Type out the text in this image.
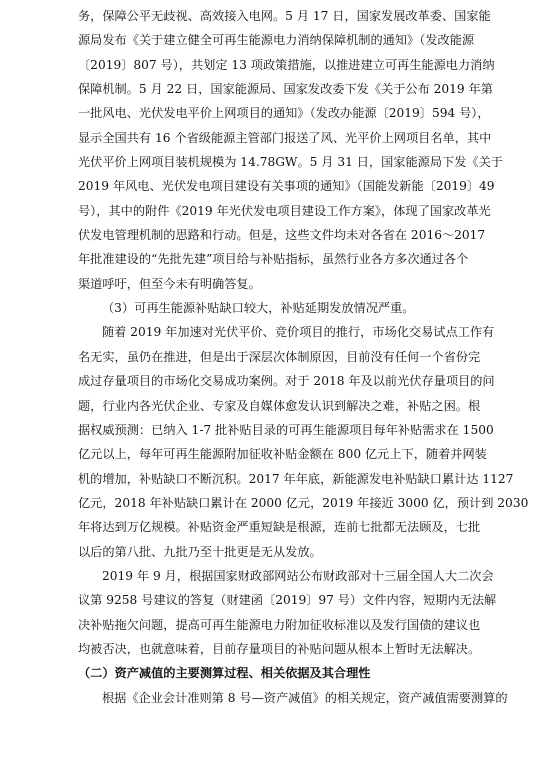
务，保障公平无歧视、高效接入电网。5 月 17 日，国家发展改革委、国家能
源局发布《关于建立健全可再生能源电力消纳保障机制的通知》（发改能源
〔2019〕807 号），共划定 13 项政策措施，以推进建立可再生能源电力消纳
保障机制。5 月 22 日，国家能源局、国家发改委下发《关于公布 2019 年第
一批风电、光伏发电平价上网项目的通知》（发改办能源〔2019〕594 号），
显示全国共有 16 个省级能源主管部门报送了风、光平价上网项目名单，其中
光伏平价上网项目装机规模为 14.78GW。5 月 31 日，国家能源局下发《关于
2019 年风电、光伏发电项目建设有关事项的通知》（国能发新能〔2019〕49
号），其中的附件《2019 年光伏发电项目建设工作方案》，体现了国家改革光
伏发电管理机制的思路和行动。但是，这些文件均未对各省在 2016～2017
年批准建设的“先批先建”项目给与补贴指标，虽然行业各方多次通过各个
渠道呼吁，但至今未有明确答复。
（3）可再生能源补贴缺口较大，补贴延期发放情况严重。
随着 2019 年加速对光伏平价、竞价项目的推行，市场化交易试点工作有
名无实，虽仍在推进，但是出于深层次体制原因，目前没有任何一个省份完
成过存量项目的市场化交易成功案例。对于 2018 年及以前光伏存量项目的问
题，行业内各光伏企业、专家及自媒体愈发认识到解决之难，补贴之困。根
据权威预测：已纳入 1-7 批补贴目录的可再生能源项目每年补贴需求在 1500
亿元以上，每年可再生能源附加征收补贴金额在 800 亿元上下，随着并网装
机的增加，补贴缺口不断沉积。2017 年年底，新能源发电补贴缺口累计达 1127
亿元，2018 年补贴缺口累计在 2000 亿元，2019 年接近 3000 亿，预计到 2030
年将达到万亿规模。补贴资金严重短缺是根源，连前七批都无法顾及，七批
以后的第八批、九批乃至十批更是无从发放。
2019 年 9 月，根据国家财政部网站公布财政部对十三届全国人大二次会
议第 9258 号建议的答复（财建函〔2019〕97 号）文件内容，短期内无法解
决补贴拖欠问题，提高可再生能源电力附加征收标准以及发行国债的建议也
均被否决，也就意味着，目前存量项目的补贴问题从根本上暂时无法解决。
（二）资产减值的主要测算过程、相关依据及其合理性
根据《企业会计准则第 8 号—资产减值》的相关规定，资产减值需要测算的
